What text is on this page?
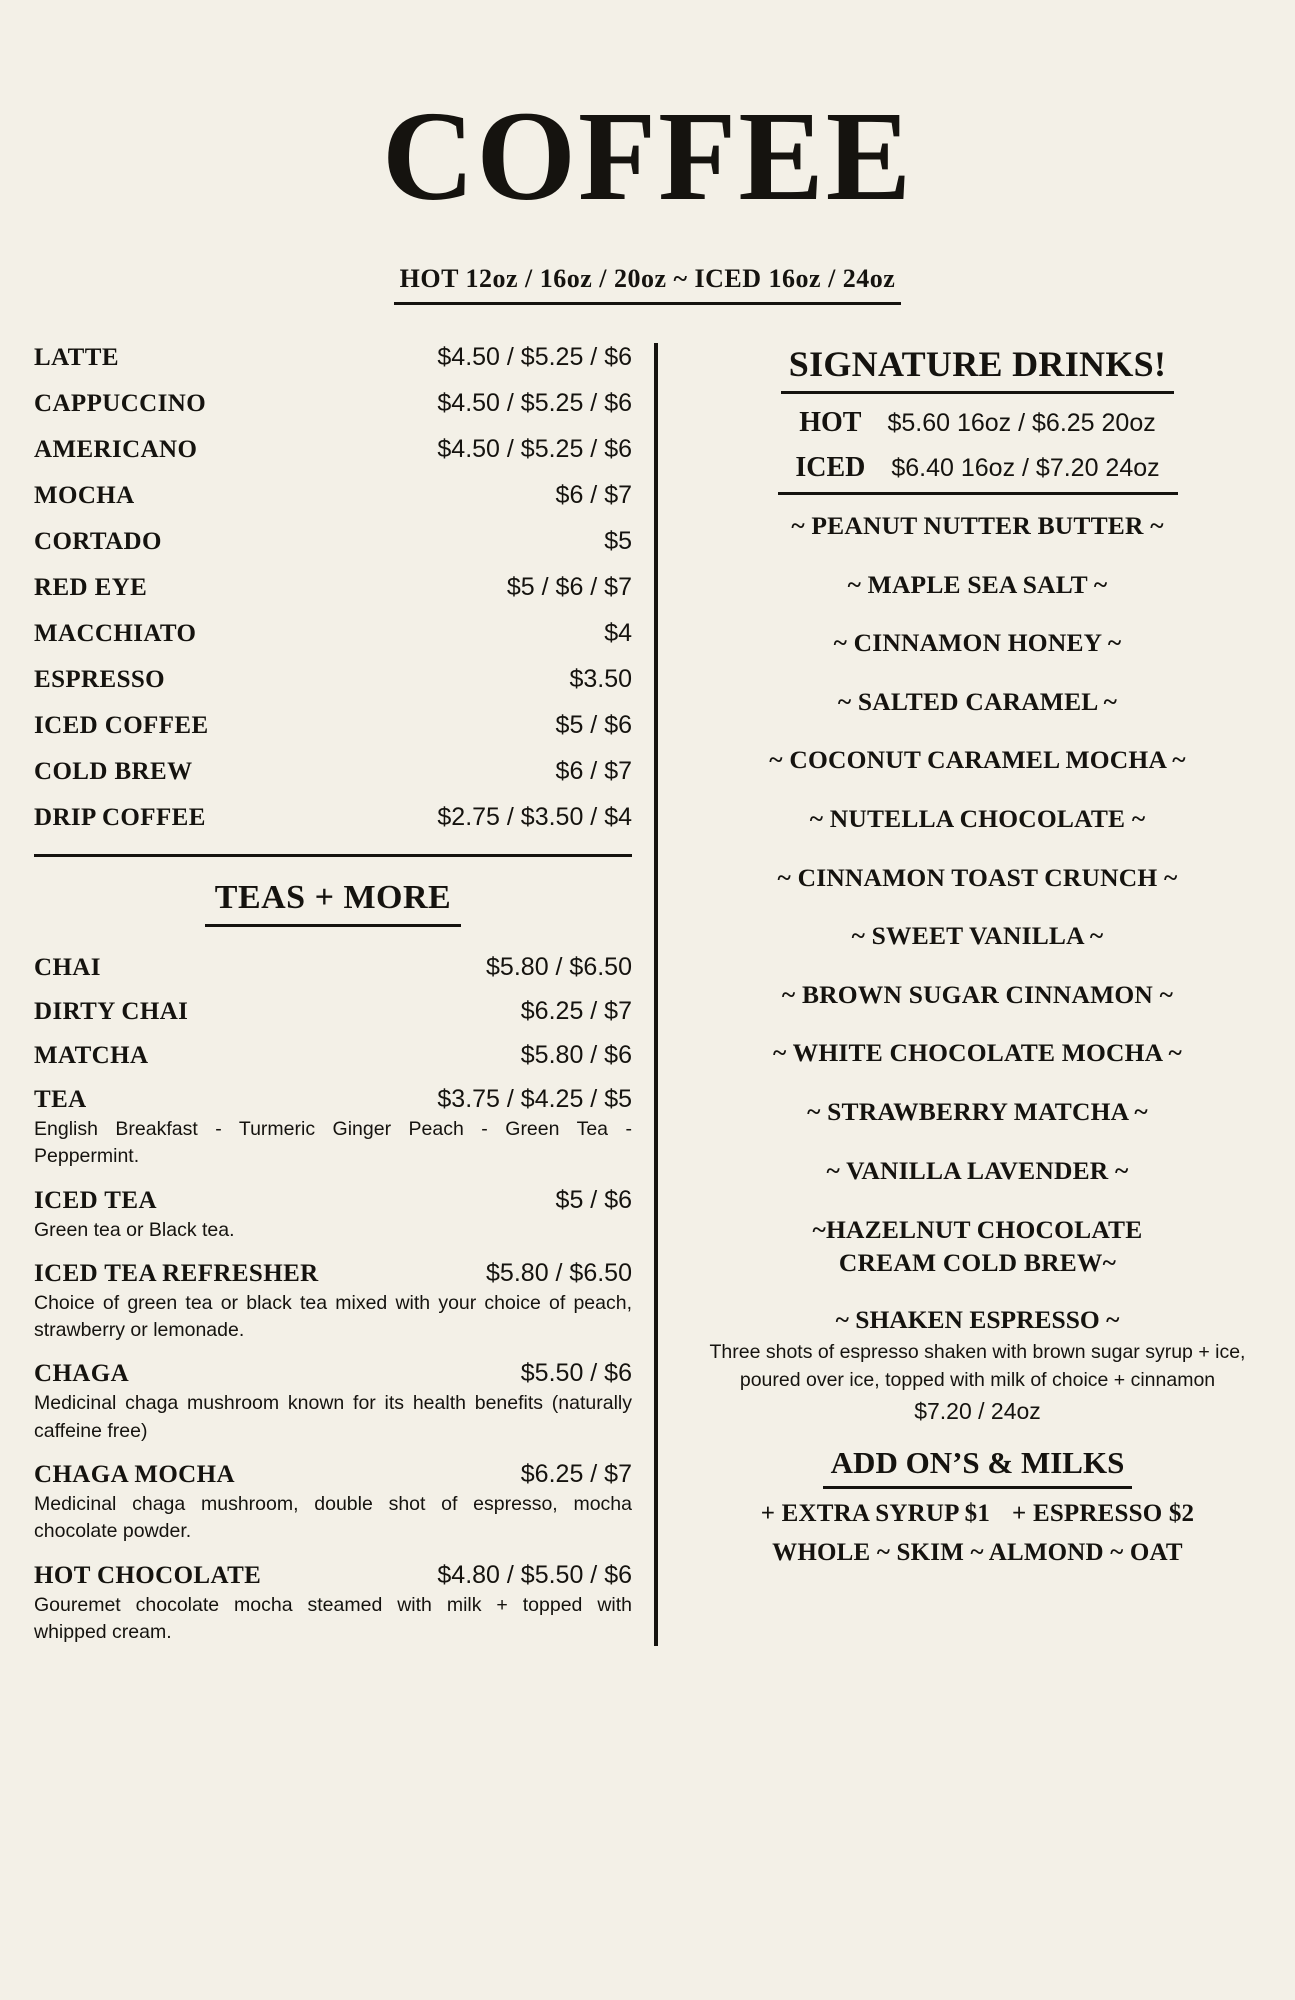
COFFEE
HOT 12oz / 16oz / 20oz ~ ICED 16oz / 24oz
LATTE	$4.50 / $5.25 / $6
CAPPUCCINO	$4.50 / $5.25 / $6
AMERICANO	$4.50 / $5.25 / $6
MOCHA	$6 / $7
CORTADO	$5
RED EYE	$5 / $6 / $7
MACCHIATO	$4
ESPRESSO	$3.50
ICED COFFEE	$5 / $6
COLD BREW	$6 / $7
DRIP COFFEE	$2.75 / $3.50 / $4
TEAS + MORE
CHAI	$5.80 / $6.50
DIRTY CHAI	$6.25 / $7
MATCHA	$5.80 / $6
TEA	$3.75 / $4.25 / $5
English Breakfast - Turmeric Ginger Peach - Green Tea - Peppermint.
ICED TEA	$5 / $6
Green tea or Black tea.
ICED TEA REFRESHER	$5.80 / $6.50
Choice of green tea or black tea mixed with your choice of peach, strawberry or lemonade.
CHAGA	$5.50 / $6
Medicinal chaga mushroom known for its health benefits (naturally caffeine free)
CHAGA MOCHA	$6.25 / $7
Medicinal chaga mushroom, double shot of espresso, mocha chocolate powder.
HOT CHOCOLATE	$4.80 / $5.50 / $6
Gouremet chocolate mocha steamed with milk + topped with whipped cream.
SIGNATURE DRINKS!
HOT $5.60 16oz / $6.25 20oz
ICED $6.40 16oz / $7.20 24oz
~ PEANUT NUTTER BUTTER ~
~ MAPLE SEA SALT ~
~ CINNAMON HONEY ~
~ SALTED CARAMEL ~
~ COCONUT CARAMEL MOCHA ~
~ NUTELLA CHOCOLATE ~
~ CINNAMON TOAST CRUNCH ~
~ SWEET VANILLA ~
~ BROWN SUGAR CINNAMON ~
~ WHITE CHOCOLATE MOCHA ~
~ STRAWBERRY MATCHA ~
~ VANILLA LAVENDER ~
~HAZELNUT CHOCOLATE
CREAM COLD BREW~
~ SHAKEN ESPRESSO ~
Three shots of espresso shaken with brown sugar syrup + ice, poured over ice, topped with milk of choice + cinnamon
$7.20 / 24oz
ADD ON’S & MILKS
+ EXTRA SYRUP $1 + ESPRESSO $2
WHOLE ~ SKIM ~ ALMOND ~ OAT
